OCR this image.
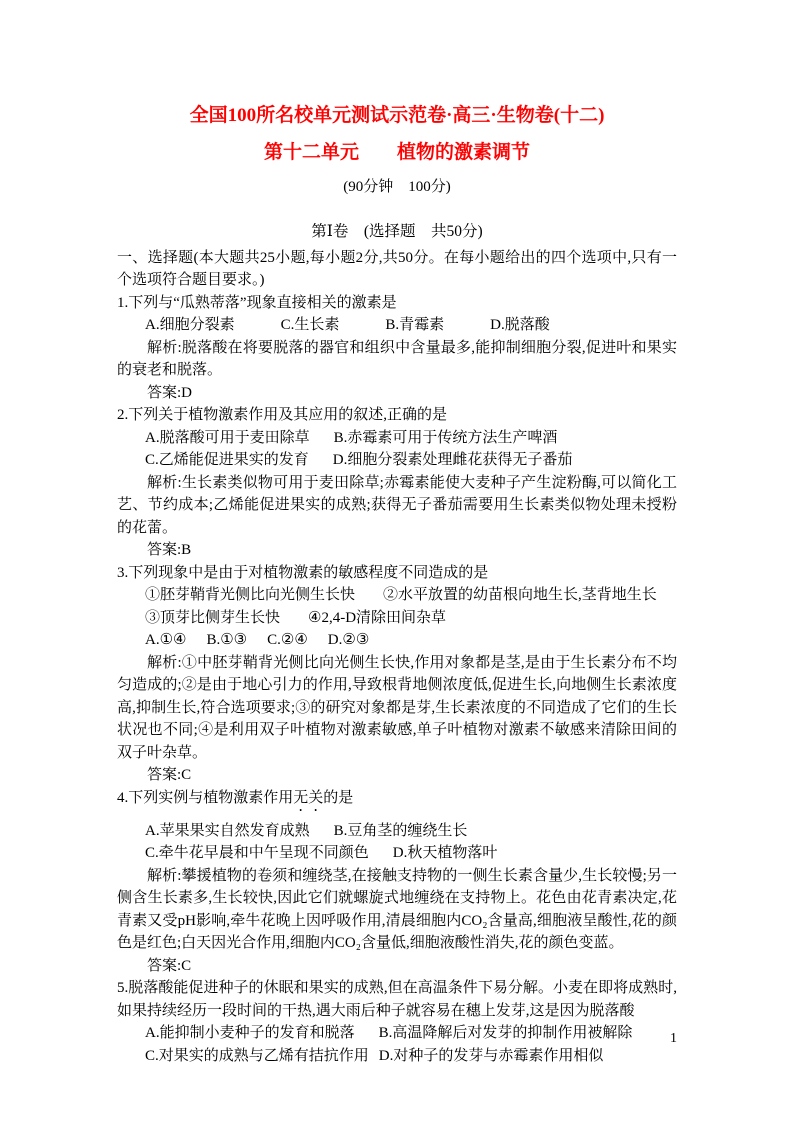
全国100所名校单元测试示范卷·高三·生物卷(十二)
第十二单元　　植物的激素调节
(90分钟　100分)
第Ⅰ卷　(选择题　共50分)

一、选择题(本大题共25小题,每小题2分,共50分。在每小题给出的四个选项中,只有一个选项符合题目要求。)

1.下列与“瓜熟蒂落”现象直接相关的激素是

A.细胞分裂素	C.生长素	B.青霉素	D.脱落酸

解析:脱落酸在将要脱落的器官和组织中含量最多,能抑制细胞分裂,促进叶和果实的衰老和脱落。

答案:D

2.下列关于植物激素作用及其应用的叙述,正确的是

A.脱落酸可用于麦田除草 B.赤霉素可用于传统方法生产啤酒
C.乙烯能促进果实的发育 D.细胞分裂素处理雌花获得无子番茄

解析:生长素类似物可用于麦田除草;赤霉素能使大麦种子产生淀粉酶,可以简化工艺、节约成本;乙烯能促进果实的成熟;获得无子番茄需要用生长素类似物处理未授粉的花蕾。

答案:B

3.下列现象中是由于对植物激素的敏感程度不同造成的是

①胚芽鞘背光侧比向光侧生长快 ②水平放置的幼苗根向地生长,茎背地生长
③顶芽比侧芽生长快 ④2,4-D清除田间杂草
A.①④ B.①③ C.②④ D.②③

解析:①中胚芽鞘背光侧比向光侧生长快,作用对象都是茎,是由于生长素分布不均匀造成的;②是由于地心引力的作用,导致根背地侧浓度低,促进生长,向地侧生长素浓度高,抑制生长,符合选项要求;③的研究对象都是芽,生长素浓度的不同造成了它们的生长状况也不同;④是利用双子叶植物对激素敏感,单子叶植物对激素不敏感来清除田间的双子叶杂草。

答案:C

4.下列实例与植物激素作用无关的是

A.苹果果实自然发育成熟 B.豆角茎的缠绕生长
C.牵牛花早晨和中午呈现不同颜色 D.秋天植物落叶

解析:攀援植物的卷须和缠绕茎,在接触支持物的一侧生长素含量少,生长较慢;另一侧含生长素多,生长较快,因此它们就螺旋式地缠绕在支持物上。花色由花青素决定,花青素又受pH影响,牵牛花晚上因呼吸作用,清晨细胞内CO₂含量高,细胞液呈酸性,花的颜色是红色;白天因光合作用,细胞内CO₂含量低,细胞液酸性消失,花的颜色变蓝。

答案:C

5.脱落酸能促进种子的休眠和果实的成熟,但在高温条件下易分解。小麦在即将成熟时,如果持续经历一段时间的干热,遇大雨后种子就容易在穗上发芽,这是因为脱落酸

A.能抑制小麦种子的发育和脱落 B.高温降解后对发芽的抑制作用被解除
C.对果实的成熟与乙烯有拮抗作用 D.对种子的发芽与赤霉素作用相似
1
